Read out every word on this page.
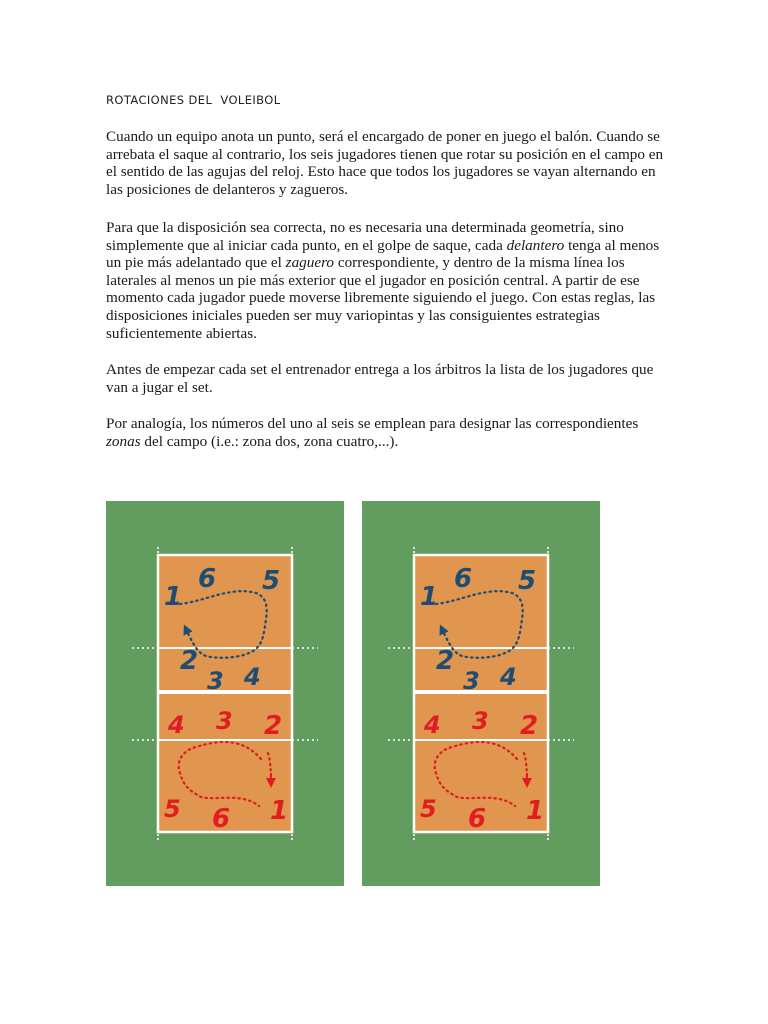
ROTACIONES DEL  VOLEIBOL

Cuando un equipo anota un punto, será el encargado de poner en juego el balón. Cuando se arrebata el saque al contrario, los seis jugadores tienen que rotar su posición en el campo en el sentido de las agujas del reloj. Esto hace que todos los jugadores se vayan alternando en las posiciones de delanteros y zagueros.

Para que la disposición sea correcta, no es necesaria una determinada geometría, sino simplemente que al iniciar cada punto, en el golpe de saque, cada delantero tenga al menos un pie más adelantado que el zaguero correspondiente, y dentro de la misma línea los laterales al menos un pie más exterior que el jugador en posición central. A partir de ese momento cada jugador puede moverse libremente siguiendo el juego. Con estas reglas, las disposiciones iniciales pueden ser muy variopintas y las consiguientes estrategias suficientemente abiertas.

Antes de empezar cada set el entrenador entrega a los árbitros la lista de los jugadores que van a jugar el set.

Por analogía, los números del uno al seis se emplean para designar las correspondientes zonas del campo (i.e.: zona dos, zona cuatro,...).

1
6 5
2
3 4
4 3 2
5 6 1
1
6 5
2
3 4
4 3 2
5 6 1
